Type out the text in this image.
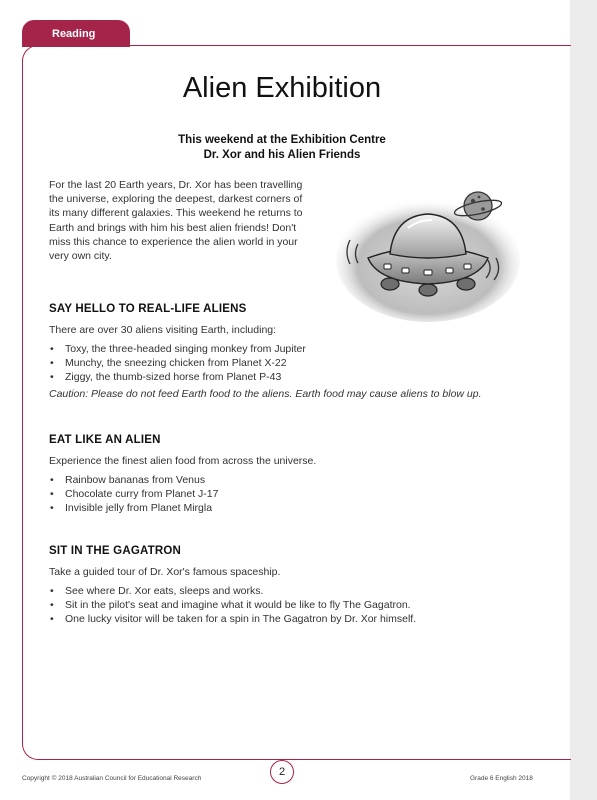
Reading
Alien Exhibition
This weekend at the Exhibition Centre
Dr. Xor and his Alien Friends
For the last 20 Earth years, Dr. Xor has been travelling the universe, exploring the deepest, darkest corners of its many different galaxies. This weekend he returns to Earth and brings with him his best alien friends! Don't miss this chance to experience the alien world in your very own city.
SAY HELLO TO REAL-LIFE ALIENS
There are over 30 aliens visiting Earth, including:
• Toxy, the three-headed singing monkey from Jupiter
• Munchy, the sneezing chicken from Planet X-22
• Ziggy, the thumb-sized horse from Planet P-43
Caution: Please do not feed Earth food to the aliens. Earth food may cause aliens to blow up.
EAT LIKE AN ALIEN
Experience the finest alien food from across the universe.
• Rainbow bananas from Venus
• Chocolate curry from Planet J-17
• Invisible jelly from Planet Mirgla
SIT IN THE GAGATRON
Take a guided tour of Dr. Xor's famous spaceship.
• See where Dr. Xor eats, sleeps and works.
• Sit in the pilot's seat and imagine what it would be like to fly The Gagatron.
• One lucky visitor will be taken for a spin in The Gagatron by Dr. Xor himself.
2
Copyright © 2018 Australian Council for Educational Research	Grade 6 English 2018
